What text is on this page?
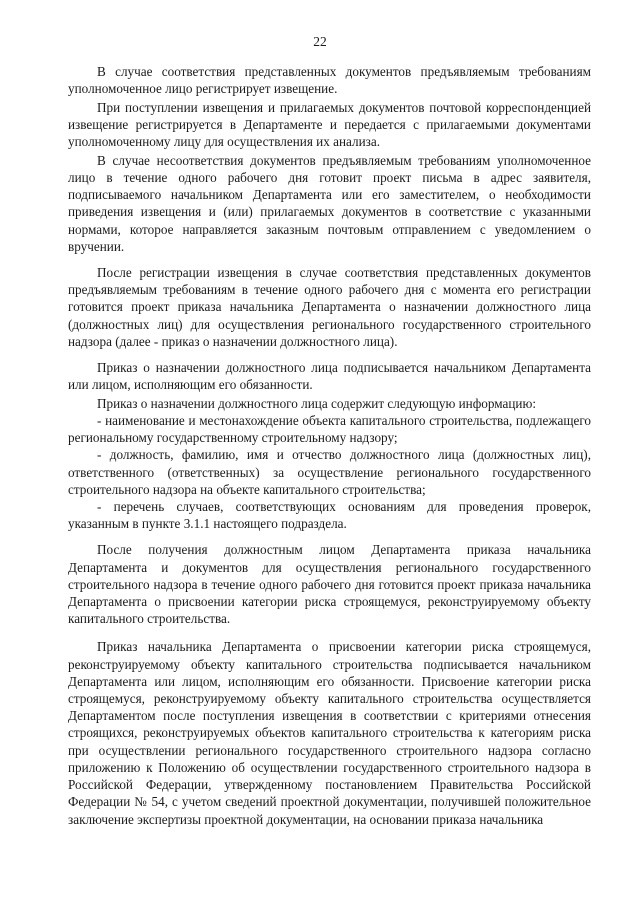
22

В случае соответствия представленных документов предъявляемым требованиям уполномоченное лицо регистрирует извещение.

При поступлении извещения и прилагаемых документов почтовой корреспонденцией извещение регистрируется в Департаменте и передается с прилагаемыми документами уполномоченному лицу для осуществления их анализа.

В случае несоответствия документов предъявляемым требованиям уполномоченное лицо в течение одного рабочего дня готовит проект письма в адрес заявителя, подписываемого начальником Департамента или его заместителем, о необходимости приведения извещения и (или) прилагаемых документов в соответствие с указанными нормами, которое направляется заказным почтовым отправлением с уведомлением о вручении.

После регистрации извещения в случае соответствия представленных документов предъявляемым требованиям в течение одного рабочего дня с момента его регистрации готовится проект приказа начальника Департамента о назначении должностного лица (должностных лиц) для осуществления регионального государственного строительного надзора (далее - приказ о назначении должностного лица).

Приказ о назначении должностного лица подписывается начальником Департамента или лицом, исполняющим его обязанности.

Приказ о назначении должностного лица содержит следующую информацию:

- наименование и местонахождение объекта капитального строительства, подлежащего региональному государственному строительному надзору;

- должность, фамилию, имя и отчество должностного лица (должностных лиц), ответственного (ответственных) за осуществление регионального государственного строительного надзора на объекте капитального строительства;

- перечень случаев, соответствующих основаниям для проведения проверок, указанным в пункте 3.1.1 настоящего подраздела.

После получения должностным лицом Департамента приказа начальника Департамента и документов для осуществления регионального государственного строительного надзора в течение одного рабочего дня готовится проект приказа начальника Департамента о присвоении категории риска строящемуся, реконструируемому объекту капитального строительства.

Приказ начальника Департамента о присвоении категории риска строящемуся, реконструируемому объекту капитального строительства подписывается начальником Департамента или лицом, исполняющим его обязанности. Присвоение категории риска строящемуся, реконструируемому объекту капитального строительства осуществляется Департаментом после поступления извещения в соответствии с критериями отнесения строящихся, реконструируемых объектов капитального строительства к категориям риска при осуществлении регионального государственного строительного надзора согласно приложению к Положению об осуществлении государственного строительного надзора в Российской Федерации, утвержденному постановлением Правительства Российской Федерации № 54, с учетом сведений проектной документации, получившей положительное заключение экспертизы проектной документации, на основании приказа начальника
